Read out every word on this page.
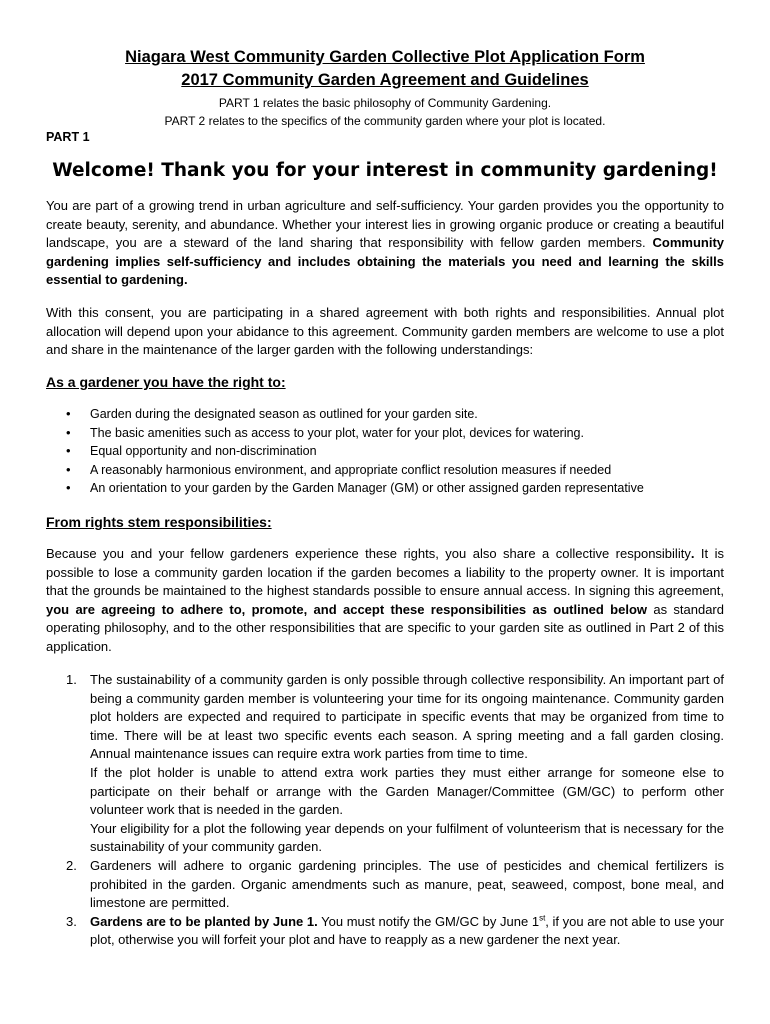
Niagara West Community Garden Collective Plot Application Form
2017 Community Garden Agreement and Guidelines
PART 1 relates the basic philosophy of Community Gardening.
PART 2 relates to the specifics of the community garden where your plot is located.
PART 1
Welcome! Thank you for your interest in community gardening!

You are part of a growing trend in urban agriculture and self-sufficiency. Your garden provides you the opportunity to create beauty, serenity, and abundance. Whether your interest lies in growing organic produce or creating a beautiful landscape, you are a steward of the land sharing that responsibility with fellow garden members. Community gardening implies self-sufficiency and includes obtaining the materials you need and learning the skills essential to gardening.

With this consent, you are participating in a shared agreement with both rights and responsibilities. Annual plot allocation will depend upon your abidance to this agreement. Community garden members are welcome to use a plot and share in the maintenance of the larger garden with the following understandings:

As a gardener you have the right to:
• Garden during the designated season as outlined for your garden site.
• The basic amenities such as access to your plot, water for your plot, devices for watering.
• Equal opportunity and non-discrimination
• A reasonably harmonious environment, and appropriate conflict resolution measures if needed
• An orientation to your garden by the Garden Manager (GM) or other assigned garden representative
From rights stem responsibilities:

Because you and your fellow gardeners experience these rights, you also share a collective responsibility. It is possible to lose a community garden location if the garden becomes a liability to the property owner. It is important that the grounds be maintained to the highest standards possible to ensure annual access. In signing this agreement, you are agreeing to adhere to, promote, and accept these responsibilities as outlined below as standard operating philosophy, and to the other responsibilities that are specific to your garden site as outlined in Part 2 of this application.

1. The sustainability of a community garden is only possible through collective responsibility. An important part of being a community garden member is volunteering your time for its ongoing maintenance. Community garden plot holders are expected and required to participate in specific events that may be organized from time to time. There will be at least two specific events each season. A spring meeting and a fall garden closing. Annual maintenance issues can require extra work parties from time to time.

If the plot holder is unable to attend extra work parties they must either arrange for someone else to participate on their behalf or arrange with the Garden Manager/Committee (GM/GC) to perform other volunteer work that is needed in the garden.

Your eligibility for a plot the following year depends on your fulfilment of volunteerism that is necessary for the sustainability of your community garden.

2. Gardeners will adhere to organic gardening principles. The use of pesticides and chemical fertilizers is prohibited in the garden. Organic amendments such as manure, peat, seaweed, compost, bone meal, and limestone are permitted.

3. Gardens are to be planted by June 1. You must notify the GM/GC by June 1st, if you are not able to use your plot, otherwise you will forfeit your plot and have to reapply as a new gardener the next year.
